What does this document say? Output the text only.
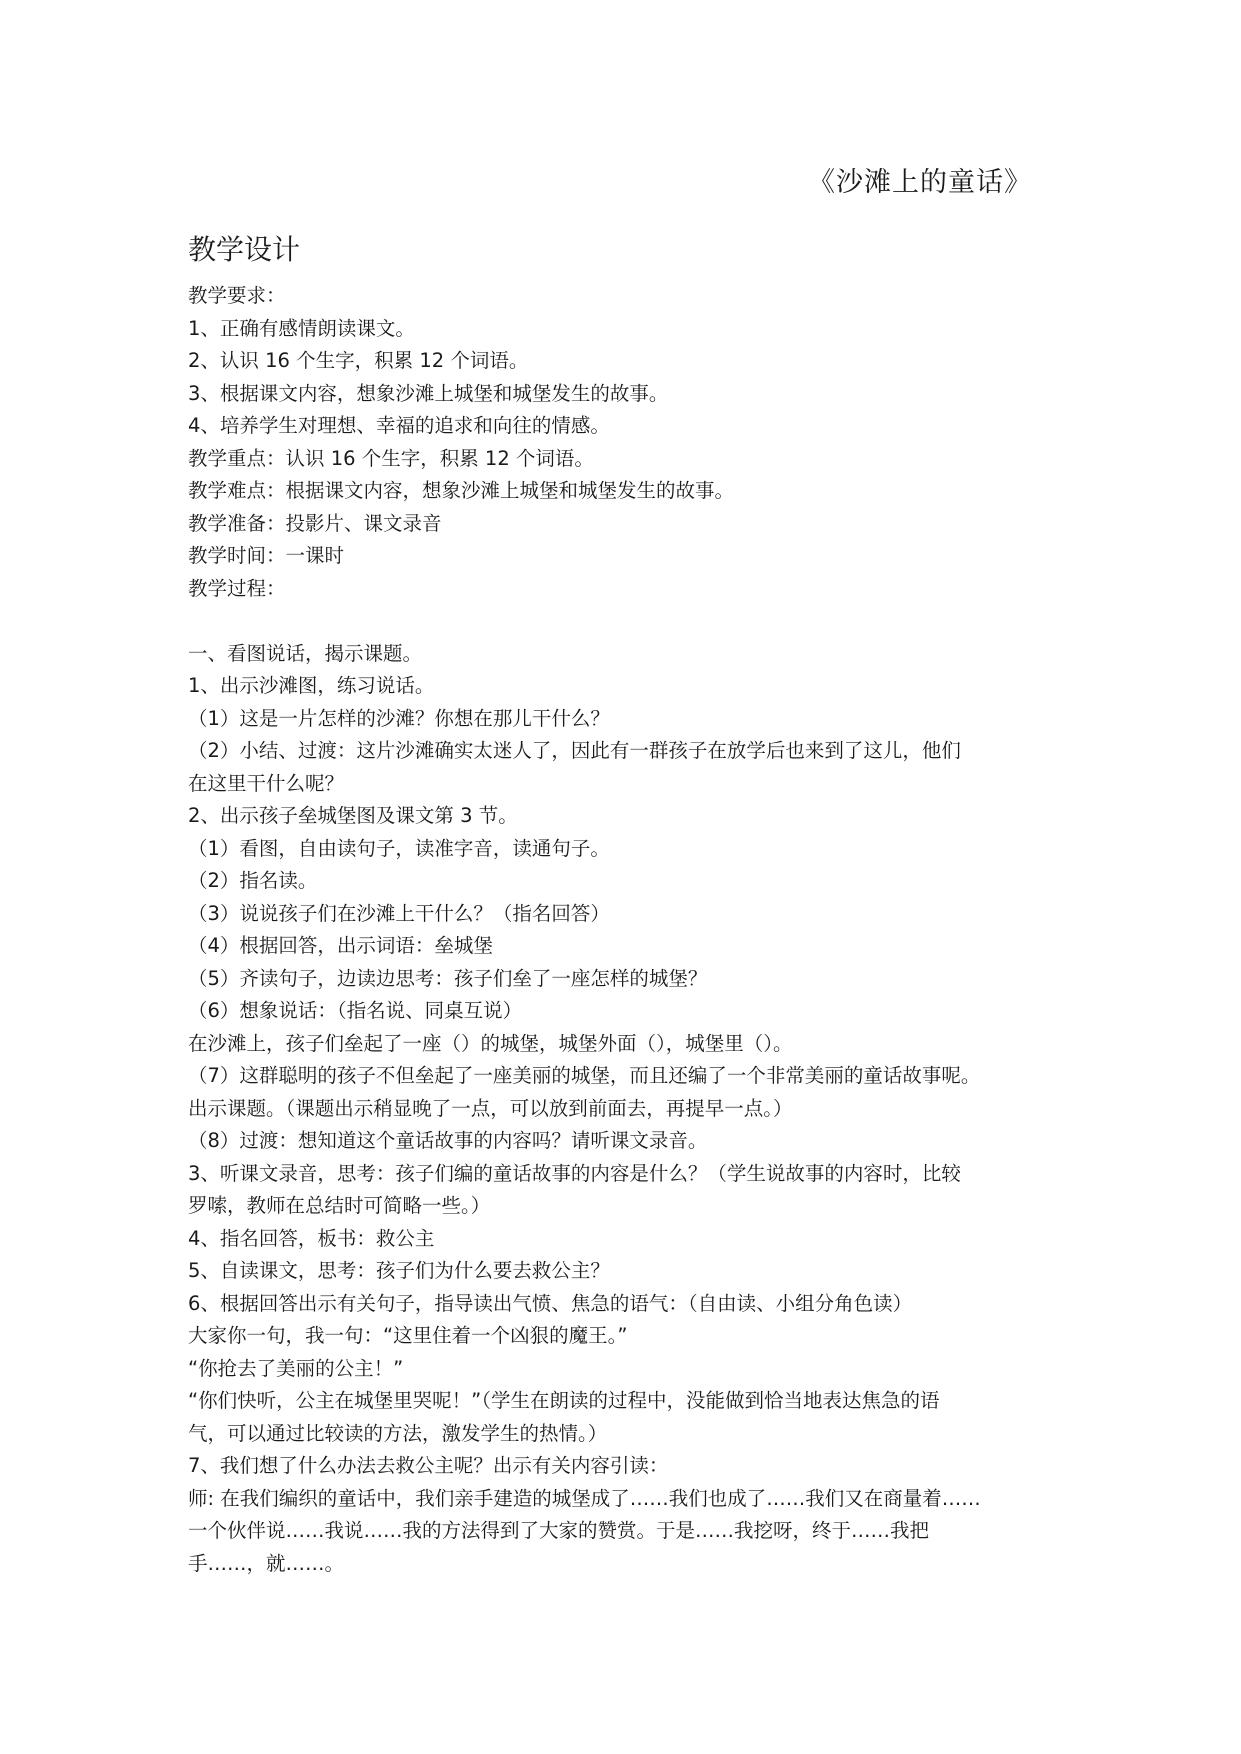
《沙滩上的童话》
教学设计

教学要求：

1、正确有感情朗读课文。

2、认识 16 个生字，积累 12 个词语。

3、根据课文内容，想象沙滩上城堡和城堡发生的故事。

4、培养学生对理想、幸福的追求和向往的情感。

教学重点：认识 16 个生字，积累 12 个词语。

教学难点：根据课文内容，想象沙滩上城堡和城堡发生的故事。

教学准备：投影片、课文录音

教学时间：一课时

教学过程：

一、看图说话，揭示课题。

1、出示沙滩图，练习说话。

（1）这是一片怎样的沙滩？你想在那儿干什么？

（2）小结、过渡：这片沙滩确实太迷人了，因此有一群孩子在放学后也来到了这儿，他们

在这里干什么呢？

2、出示孩子垒城堡图及课文第 3 节。

（1）看图，自由读句子，读准字音，读通句子。

（2）指名读。

（3）说说孩子们在沙滩上干什么？（指名回答）

（4）根据回答，出示词语：垒城堡

（5）齐读句子，边读边思考：孩子们垒了一座怎样的城堡？

（6）想象说话：（指名说、同桌互说）

在沙滩上，孩子们垒起了一座（）的城堡，城堡外面（），城堡里（）。

（7）这群聪明的孩子不但垒起了一座美丽的城堡，而且还编了一个非常美丽的童话故事呢。

出示课题。（课题出示稍显晚了一点，可以放到前面去，再提早一点。）

（8）过渡：想知道这个童话故事的内容吗？请听课文录音。

3、听课文录音，思考：孩子们编的童话故事的内容是什么？（学生说故事的内容时，比较

罗嗦，教师在总结时可简略一些。）

4、指名回答，板书：救公主

5、自读课文，思考：孩子们为什么要去救公主？

6、根据回答出示有关句子，指导读出气愤、焦急的语气：（自由读、小组分角色读）

大家你一句，我一句：“这里住着一个凶狠的魔王。”

“你抢去了美丽的公主！”

“你们快听，公主在城堡里哭呢！”（学生在朗读的过程中，没能做到恰当地表达焦急的语

气，可以通过比较读的方法，激发学生的热情。）

7、我们想了什么办法去救公主呢？出示有关内容引读：

师: 在我们编织的童话中，我们亲手建造的城堡成了……我们也成了……我们又在商量着……

一个伙伴说……我说……我的方法得到了大家的赞赏。于是……我挖呀，终于……我把

手……，就……。
